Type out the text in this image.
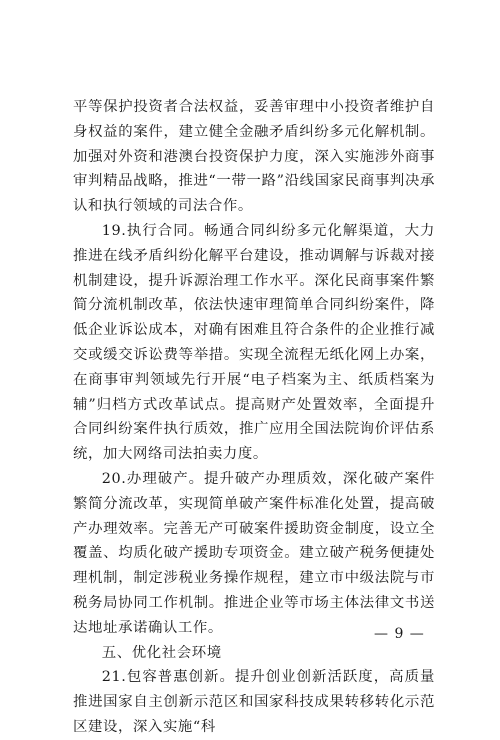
平等保护投资者合法权益，妥善审理中小投资者维护自身权益的案件，建立健全金融矛盾纠纷多元化解机制。加强对外资和港澳台投资保护力度，深入实施涉外商事审判精品战略，推进“一带一路”沿线国家民商事判决承认和执行领域的司法合作。

19.执行合同。畅通合同纠纷多元化解渠道，大力推进在线矛盾纠纷化解平台建设，推动调解与诉裁对接机制建设，提升诉源治理工作水平。深化民商事案件繁简分流机制改革，依法快速审理简单合同纠纷案件，降低企业诉讼成本，对确有困难且符合条件的企业推行减交或缓交诉讼费等举措。实现全流程无纸化网上办案，在商事审判领域先行开展“电子档案为主、纸质档案为辅”归档方式改革试点。提高财产处置效率，全面提升合同纠纷案件执行质效，推广应用全国法院询价评估系统，加大网络司法拍卖力度。

20.办理破产。提升破产办理质效，深化破产案件繁简分流改革，实现简单破产案件标准化处置，提高破产办理效率。完善无产可破案件援助资金制度，设立全覆盖、均质化破产援助专项资金。建立破产税务便捷处理机制，制定涉税业务操作规程，建立市中级法院与市税务局协同工作机制。推进企业等市场主体法律文书送达地址承诺确认工作。

五、优化社会环境

21.包容普惠创新。提升创业创新活跃度，高质量推进国家自主创新示范区和国家科技成果转移转化示范区建设，深入实施“科

— 9 —
